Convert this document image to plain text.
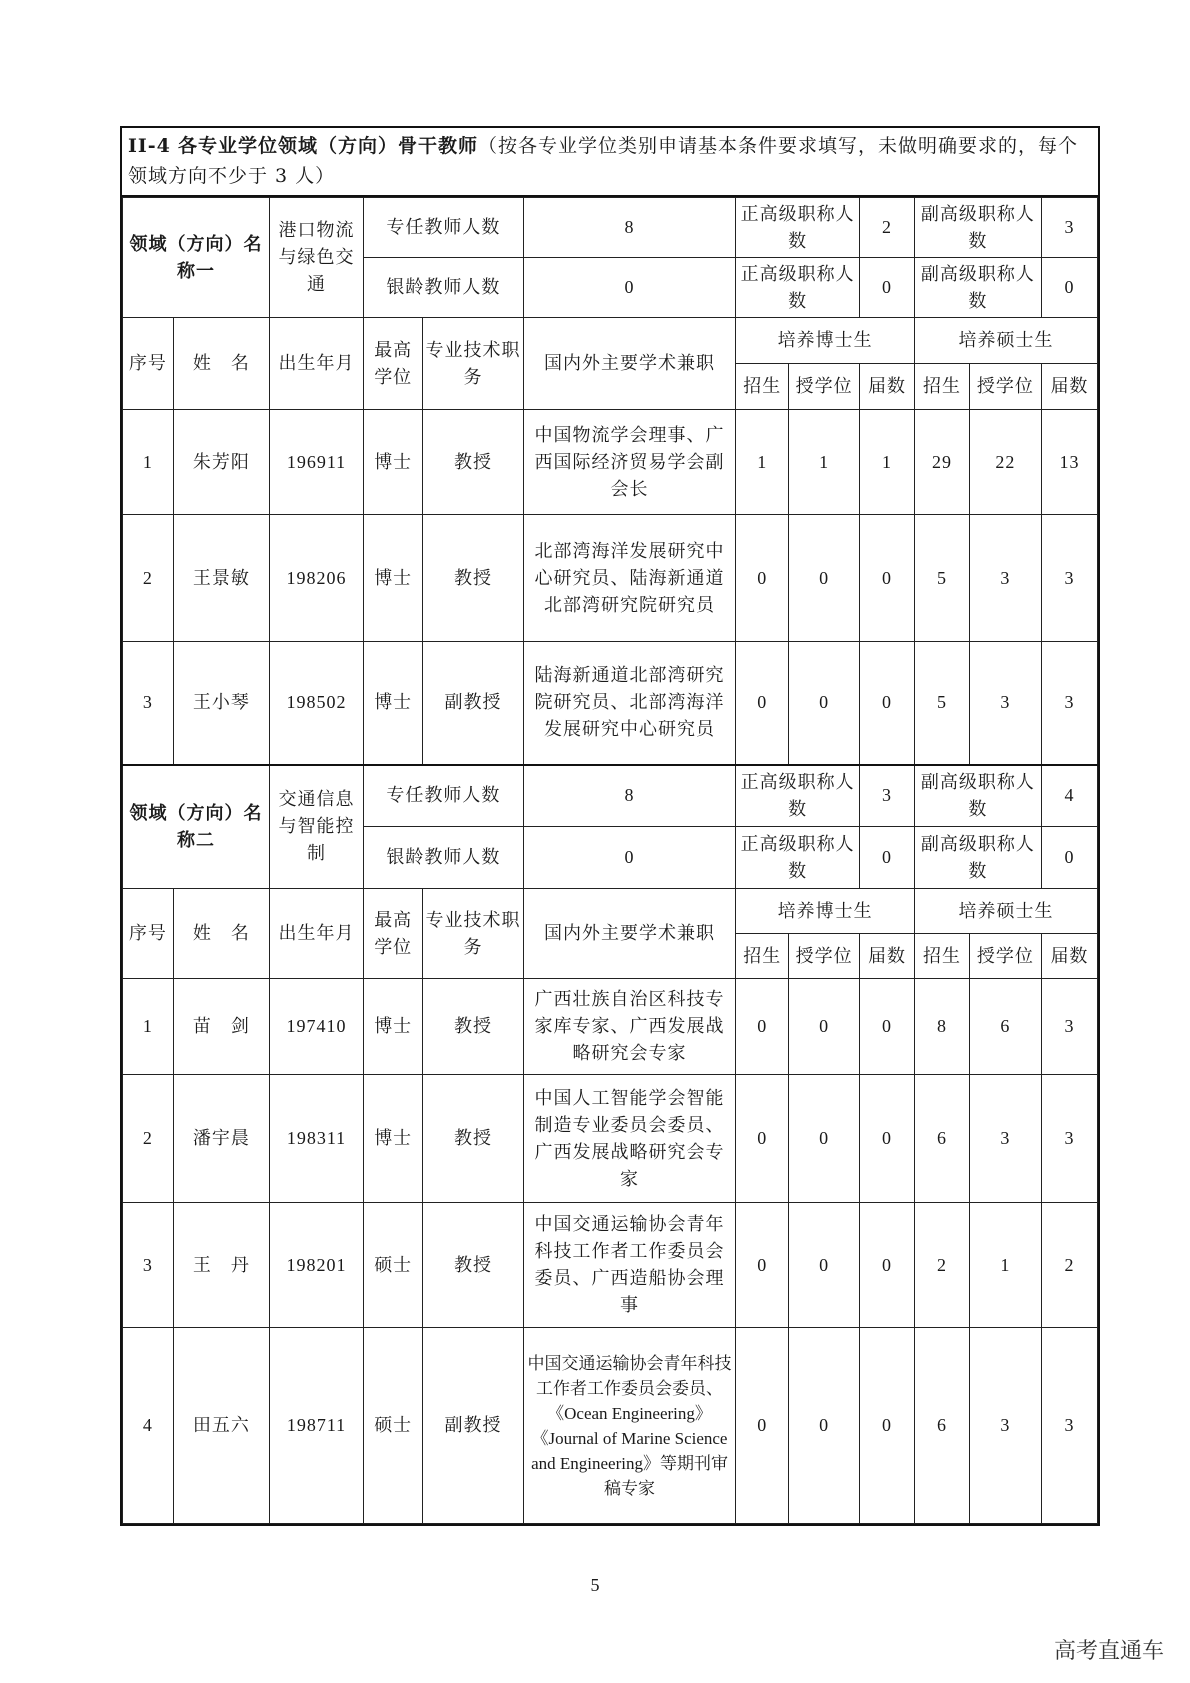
II-4 各专业学位领域（方向）骨干教师（按各专业学位类别申请基本条件要求填写，未做明确要求的，每个领域方向不少于 3 人）
领域（方向）名称一		港口物流与绿色交通	专任教师人数		8	正高级职称人数		2	副高级职称人数		3
			银龄教师人数		0	正高级职称人数		0	副高级职称人数		0
序号	姓　名	出生年月	最高学位	专业技术职　务	国内外主要学术兼职	培养博士生			培养硕士生		
						招生	授学位	届数	招生	授学位	届数
1	朱芳阳	196911	博士	教授	中国物流学会理事、广西国际经济贸易学会副会长	1	1	1	29	22	13
2	王景敏	198206	博士	教授	北部湾海洋发展研究中心研究员、陆海新通道北部湾研究院研究员	0	0	0	5	3	3
3	王小琴	198502	博士	副教授	陆海新通道北部湾研究院研究员、北部湾海洋发展研究中心研究员	0	0	0	5	3	3
领域（方向）名称二		交通信息与智能控制	专任教师人数		8	正高级职称人数		3	副高级职称人数		4
			银龄教师人数		0	正高级职称人数		0	副高级职称人数		0
序号	姓　名	出生年月	最高学位	专业技术职　务	国内外主要学术兼职	培养博士生			培养硕士生		
						招生	授学位	届数	招生	授学位	届数
1	苗　剑	197410	博士	教授	广西壮族自治区科技专家库专家、广西发展战略研究会专家	0	0	0	8	6	3
2	潘宇晨	198311	博士	教授	中国人工智能学会智能制造专业委员会委员、广西发展战略研究会专家	0	0	0	6	3	3
3	王　丹	198201	硕士	教授	中国交通运输协会青年科技工作者工作委员会委员、广西造船协会理事	0	0	0	2	1	2
4	田五六	198711	硕士	副教授	中国交通运输协会青年科技工作者工作委员会委员、《Ocean Engineering》《Journal of Marine Science and Engineering》等期刊审稿专家	0	0	0	6	3	3
5
高考直通车
